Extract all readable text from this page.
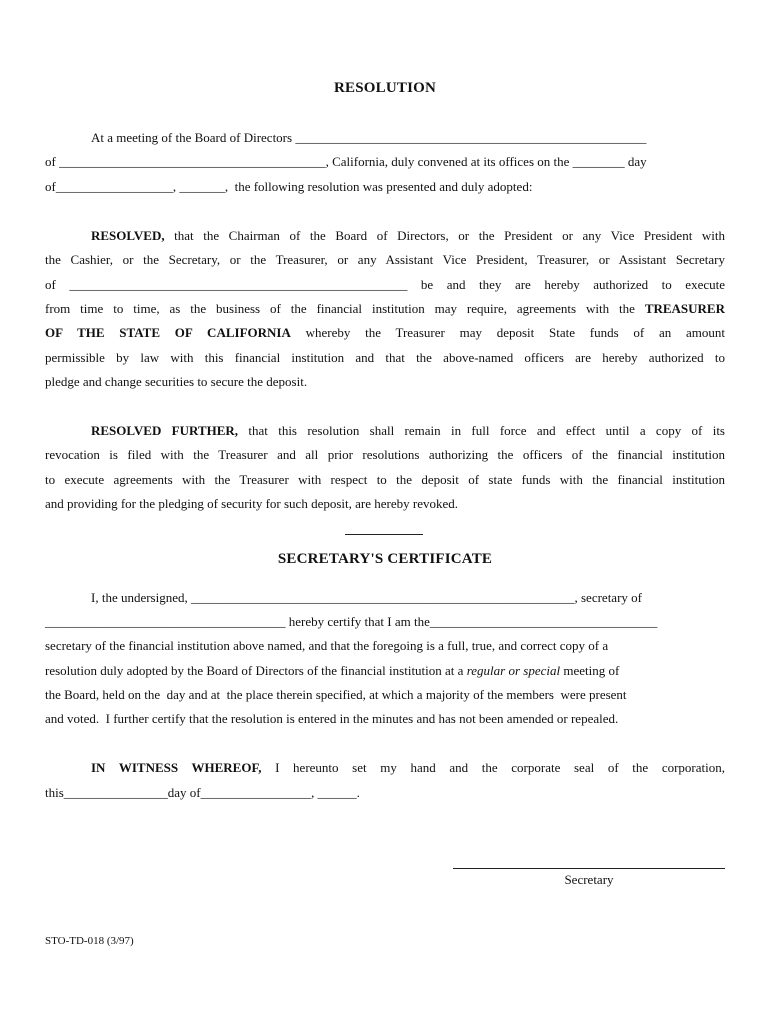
RESOLUTION
At a meeting of the Board of Directors ______________________________________________________
of _________________________________________, California, duly convened at its offices on the ________ day
of__________________, _______,  the following resolution was presented and duly adopted:
RESOLVED, that the Chairman of the Board of Directors, or the President or any Vice President with
the Cashier, or the Secretary, or the Treasurer, or any Assistant Vice President, Treasurer, or Assistant Secretary
of ____________________________________________________ be and they are hereby authorized to execute
from time to time, as the business of the financial institution may require, agreements with the TREASURER
OF THE STATE OF CALIFORNIA whereby the Treasurer may deposit State funds of an amount
permissible by law with this financial institution and that the above-named officers are hereby authorized to
pledge and change securities to secure the deposit.
RESOLVED FURTHER, that this resolution shall remain in full force and effect until a copy of its
revocation is filed with the Treasurer and all prior resolutions authorizing the officers of the financial institution
to execute agreements with the Treasurer with respect to the deposit of state funds with the financial institution
and providing for the pledging of security for such deposit, are hereby revoked.
SECRETARY'S CERTIFICATE
I, the undersigned, ___________________________________________________________, secretary of
_____________________________________ hereby certify that I am the___________________________________
secretary of the financial institution above named, and that the foregoing is a full, true, and correct copy of a
resolution duly adopted by the Board of Directors of the financial institution at a regular or special meeting of
the Board, held on the  day and at  the place therein specified, at which a majority of the members  were present
and voted.  I further certify that the resolution is entered in the minutes and has not been amended or repealed.
IN WITNESS WHEREOF, I hereunto set my hand and the corporate seal of the corporation,
this________________day of_________________, ______.
Secretary
STO-TD-018 (3/97)
